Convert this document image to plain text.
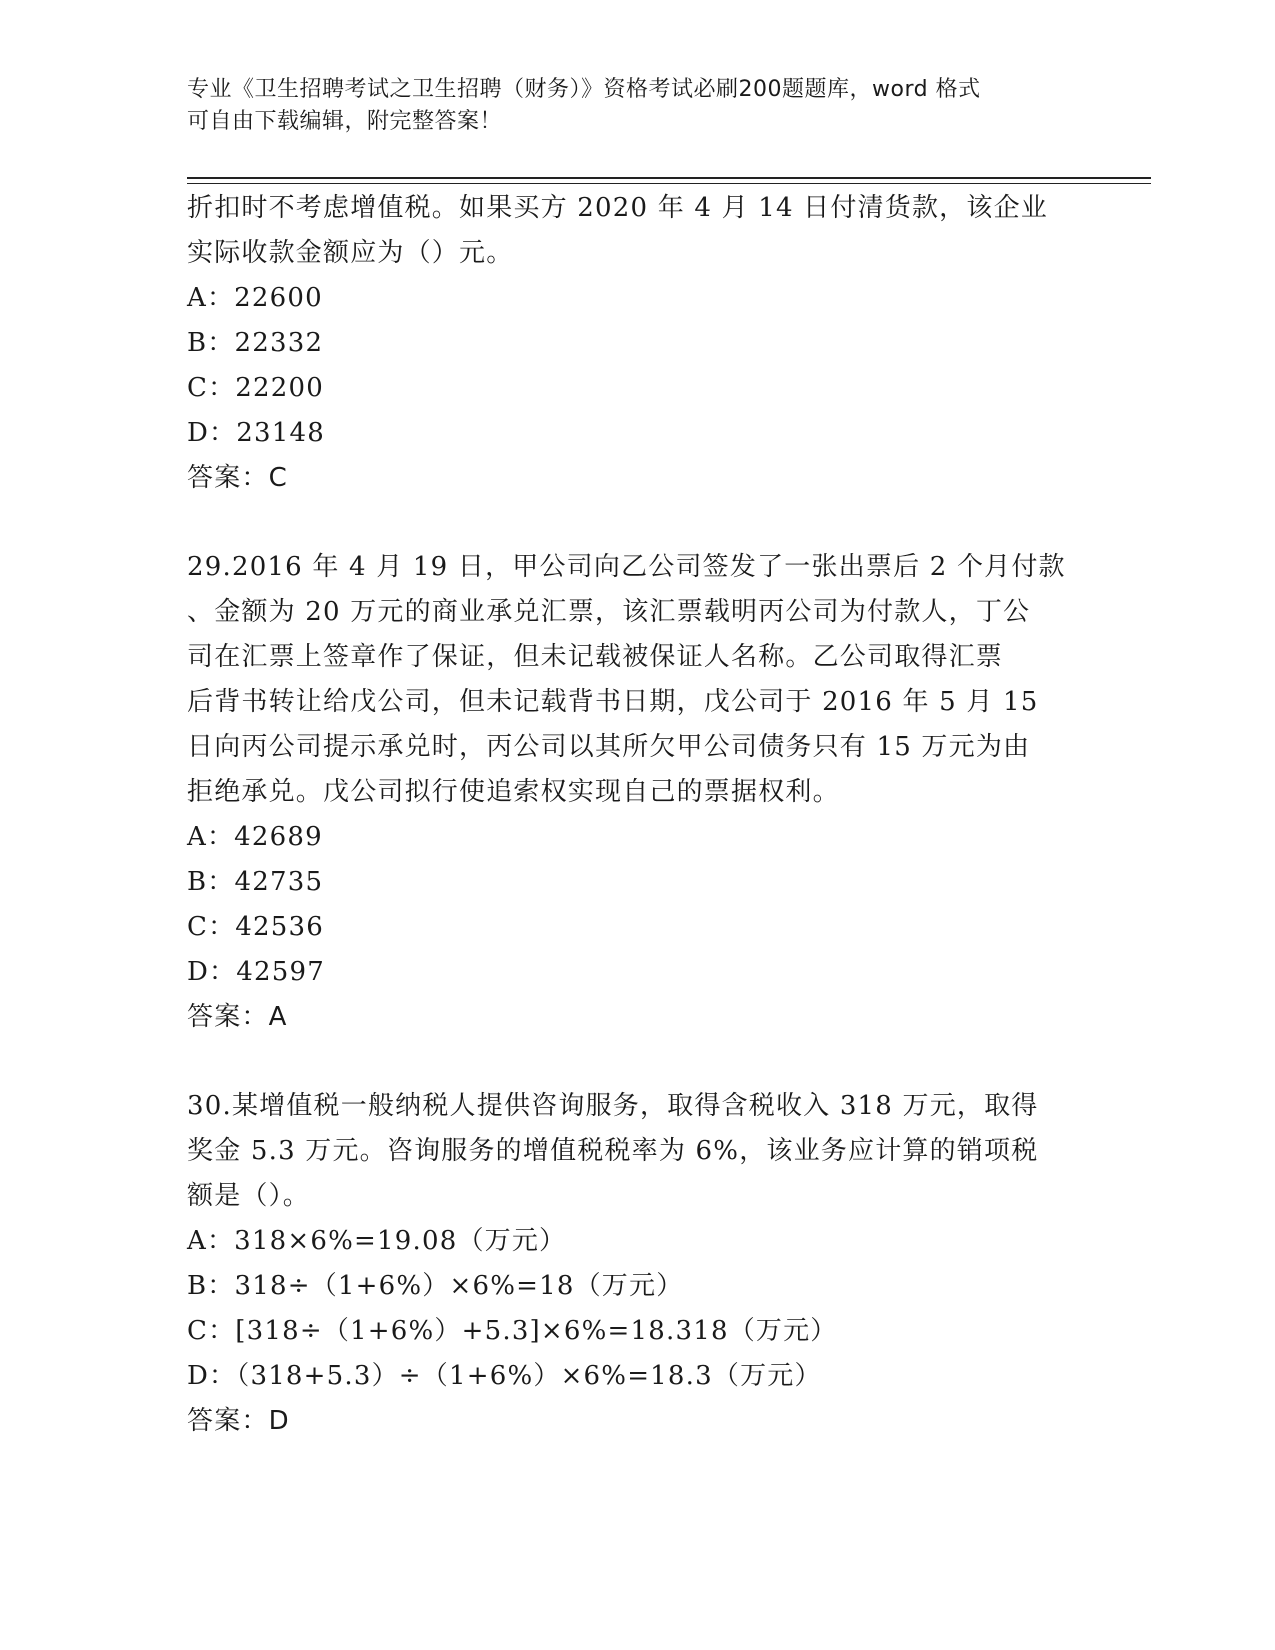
专业《卫生招聘考试之卫生招聘（财务）》资格考试必刷200题题库，word 格式
可自由下载编辑，附完整答案！

折扣时不考虑增值税。如果买方 2020 年 4 月 14 日付清货款，该企业

实际收款金额应为（）元。

A：22600

B：22332

C：22200

D：23148

答案：C

29.2016 年 4 月 19 日，甲公司向乙公司签发了一张出票后 2 个月付款

、金额为 20 万元的商业承兑汇票，该汇票载明丙公司为付款人，丁公

司在汇票上签章作了保证，但未记载被保证人名称。乙公司取得汇票

后背书转让给戊公司，但未记载背书日期，戊公司于 2016 年 5 月 15

日向丙公司提示承兑时，丙公司以其所欠甲公司债务只有 15 万元为由

拒绝承兑。戊公司拟行使追索权实现自己的票据权利。

A：42689

B：42735

C：42536

D：42597

答案：A

30.某增值税一般纳税人提供咨询服务，取得含税收入 318 万元，取得

奖金 5.3 万元。咨询服务的增值税税率为 6%，该业务应计算的销项税

额是（）。

A：318×6%=19.08（万元）

B：318÷（1+6%）×6%=18（万元）

C：[318÷（1+6%）+5.3]×6%=18.318（万元）

D：（318+5.3）÷（1+6%）×6%=18.3（万元）

答案：D
